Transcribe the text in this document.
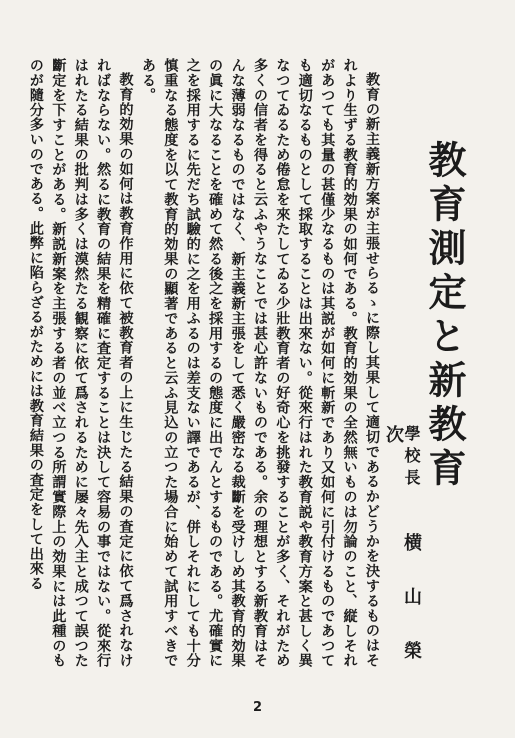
教育測定と新教育
學校長 横山榮次

教育の新主義新方案が主張せらるゝに際し其果して適切であるかどうかを決するものはそれより生ずる教育的効果の如何である。教育的効果の全然無いものは勿論のこと、縦しそれがあつても其量の甚僅少なるものは其説が如何に斬新であり又如何に引付けるものであつても適切なるものとして採取することは出來ない。從來行はれた教育説や教育方案と甚しく異なつてゐるため倦怠を來たしてゐる少壯教育者の好奇心を挑發することが多く、それがため多くの信者を得ると云ふやうなことでは甚心許ないものである。余の理想とする新教育はそんな薄弱なるものではなく、新主義新主張をして悉く嚴密なる裁斷を受けしめ其教育的効果の眞に大なることを確めて然る後之を採用するの態度に出でんとするものである。尤確實に之を採用するに先だち試驗的に之を用ふるのは差支ない譯であるが、併しそれにしても十分慎重なる態度を以て教育的効果の顯著であると云ふ見込の立つた場合に始めて試用すべきである。

教育的効果の如何は教育作用に依て被教育者の上に生じたる結果の査定に依て爲されなければならない。然るに教育の結果を精確に査定することは決して容易の事ではない。從來行はれたる結果の批判は多くは漠然たる観察に依て爲されるために屡々先入主と成つて誤つた斷定を下すことがある。新説新案を主張する者の並べ立つる所謂實際上の効果には此種のものが隨分多いのである。此弊に陷らざるがためには教育結果の査定をして出來る

2
